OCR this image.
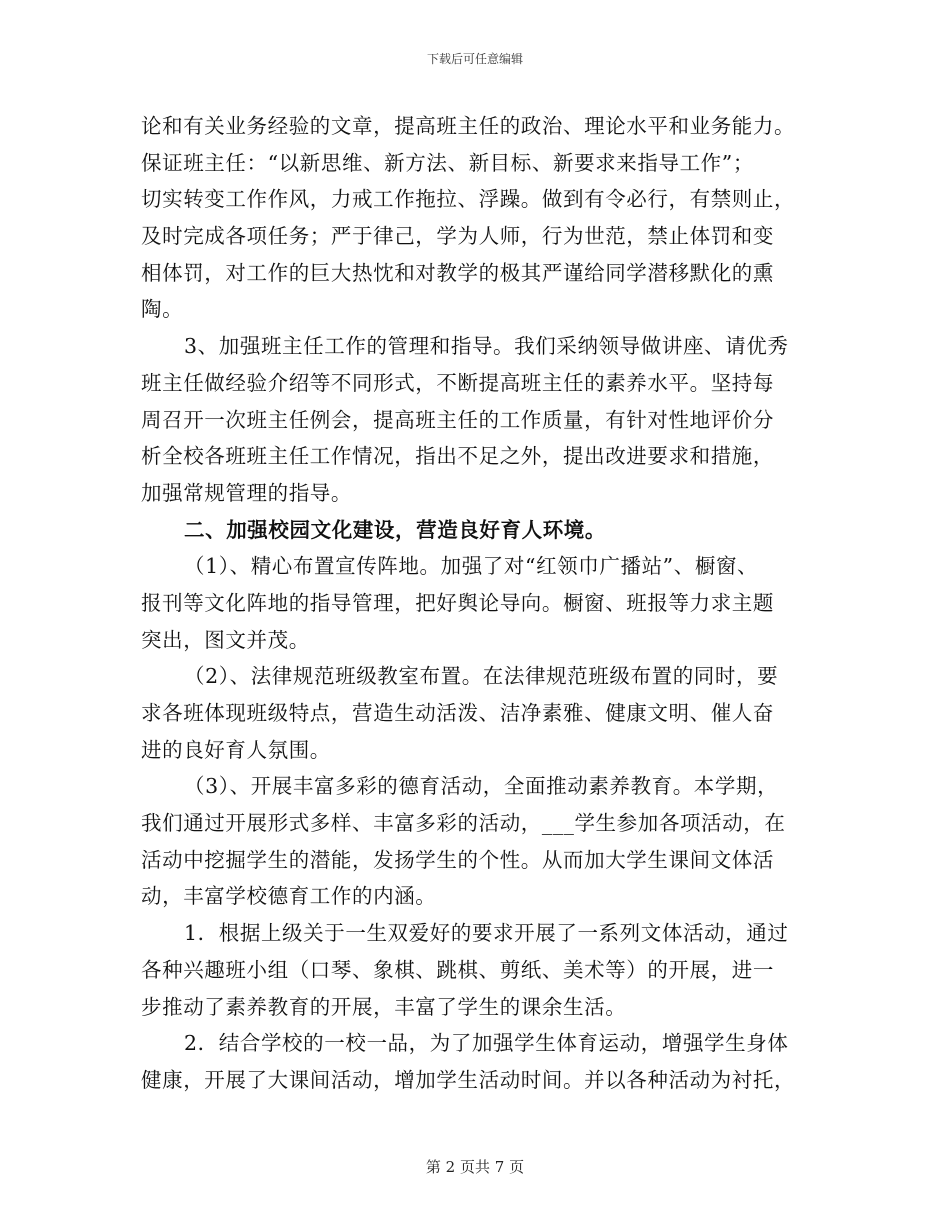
下载后可任意编辑
论和有关业务经验的文章，提高班主任的政治、理论水平和业务能力。
保证班主任：“以新思维、新方法、新目标、新要求来指导工作”；
切实转变工作作风，力戒工作拖拉、浮躁。做到有令必行，有禁则止，
及时完成各项任务；严于律己，学为人师，行为世范，禁止体罚和变
相体罚，对工作的巨大热忱和对教学的极其严谨给同学潜移默化的熏
陶。
3、加强班主任工作的管理和指导。我们采纳领导做讲座、请优秀
班主任做经验介绍等不同形式，不断提高班主任的素养水平。坚持每
周召开一次班主任例会，提高班主任的工作质量，有针对性地评价分
析全校各班班主任工作情况，指出不足之外，提出改进要求和措施，
加强常规管理的指导。
二、加强校园文化建设，营造良好育人环境。
（1）、精心布置宣传阵地。加强了对“红领巾广播站”、橱窗、
报刊等文化阵地的指导管理，把好舆论导向。橱窗、班报等力求主题
突出，图文并茂。
（2）、法律规范班级教室布置。在法律规范班级布置的同时，要
求各班体现班级特点，营造生动活泼、洁净素雅、健康文明、催人奋
进的良好育人氛围。
（3）、开展丰富多彩的德育活动，全面推动素养教育。本学期，
我们通过开展形式多样、丰富多彩的活动，___学生参加各项活动，在
活动中挖掘学生的潜能，发扬学生的个性。从而加大学生课间文体活
动，丰富学校德育工作的内涵。
1．根据上级关于一生双爱好的要求开展了一系列文体活动，通过
各种兴趣班小组（口琴、象棋、跳棋、剪纸、美术等）的开展，进一
步推动了素养教育的开展，丰富了学生的课余生活。
2．结合学校的一校一品，为了加强学生体育运动，增强学生身体
健康，开展了大课间活动，增加学生活动时间。并以各种活动为衬托，
第 2 页共 7 页
